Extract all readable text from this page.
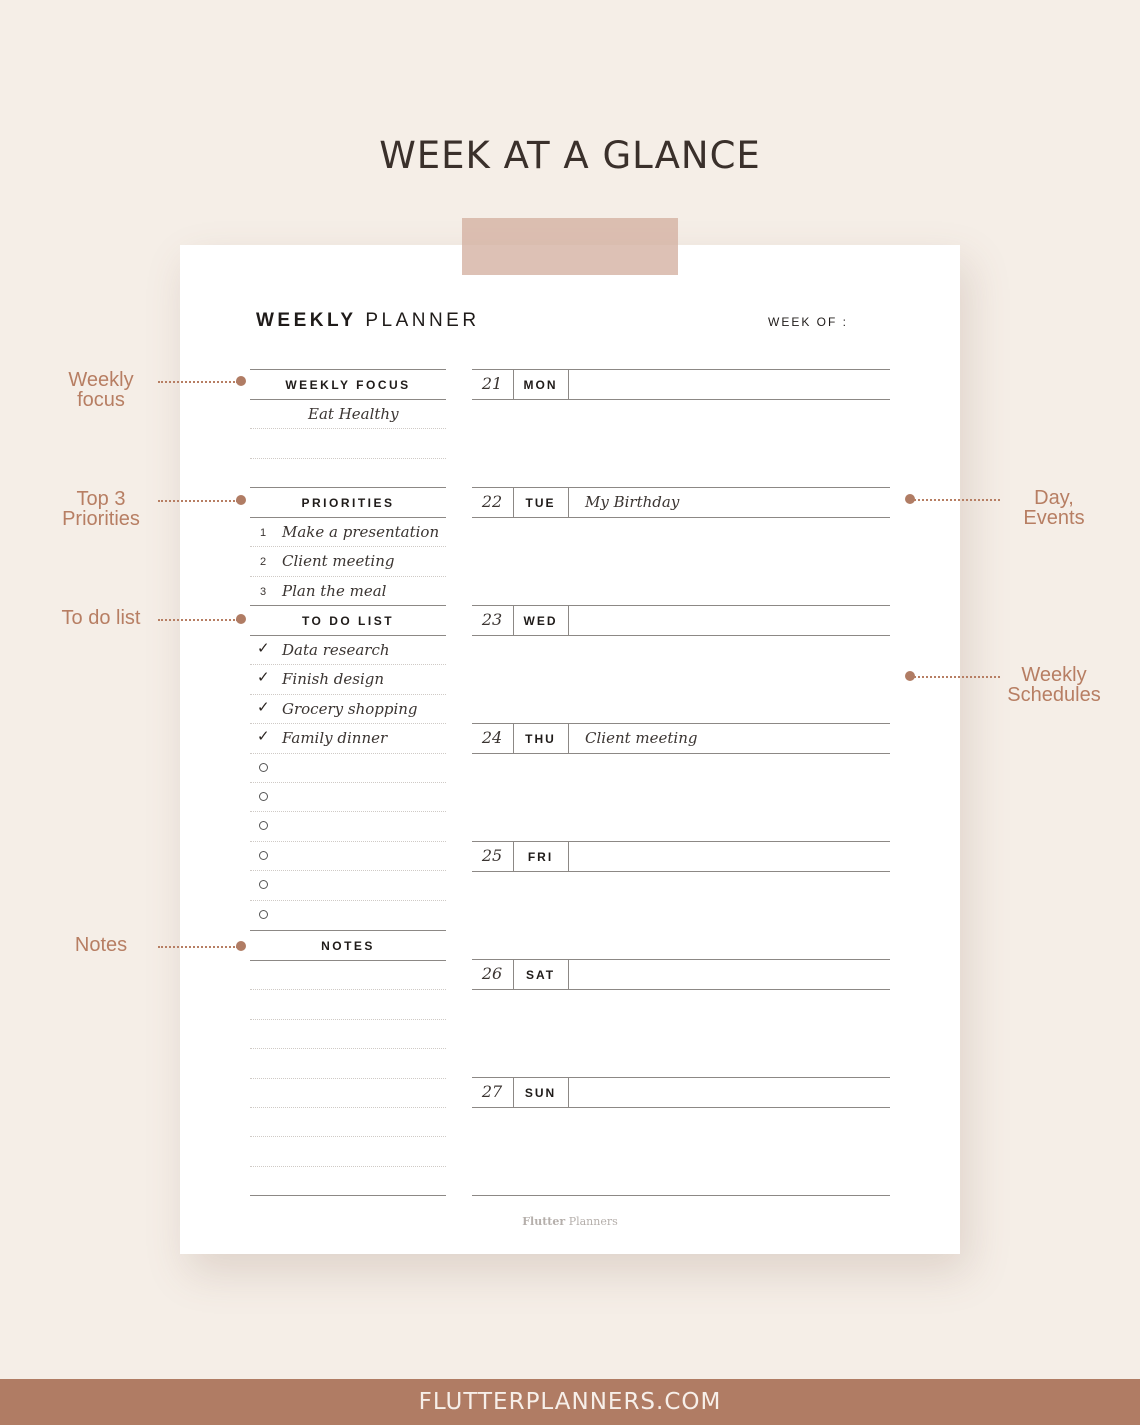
WEEK AT A GLANCE
WEEKLY PLANNER	WEEK OF :
WEEKLY FOCUS
Eat Healthy
PRIORITIES
1 Make a presentation
2 Client meeting
3 Plan the meal
TO DO LIST
✓ Data research
✓ Finish design
✓ Grocery shopping
✓ Family dinner
NOTES
21	MON
22	TUE	My Birthday
23	WED
24	THU	Client meeting
25	FRI
26	SAT
27	SUN
Weekly
focus
Top 3
Priorities
To do list
Notes
Day,
Events
Weekly
Schedules
Flutter Planners
FLUTTERPLANNERS.COM
